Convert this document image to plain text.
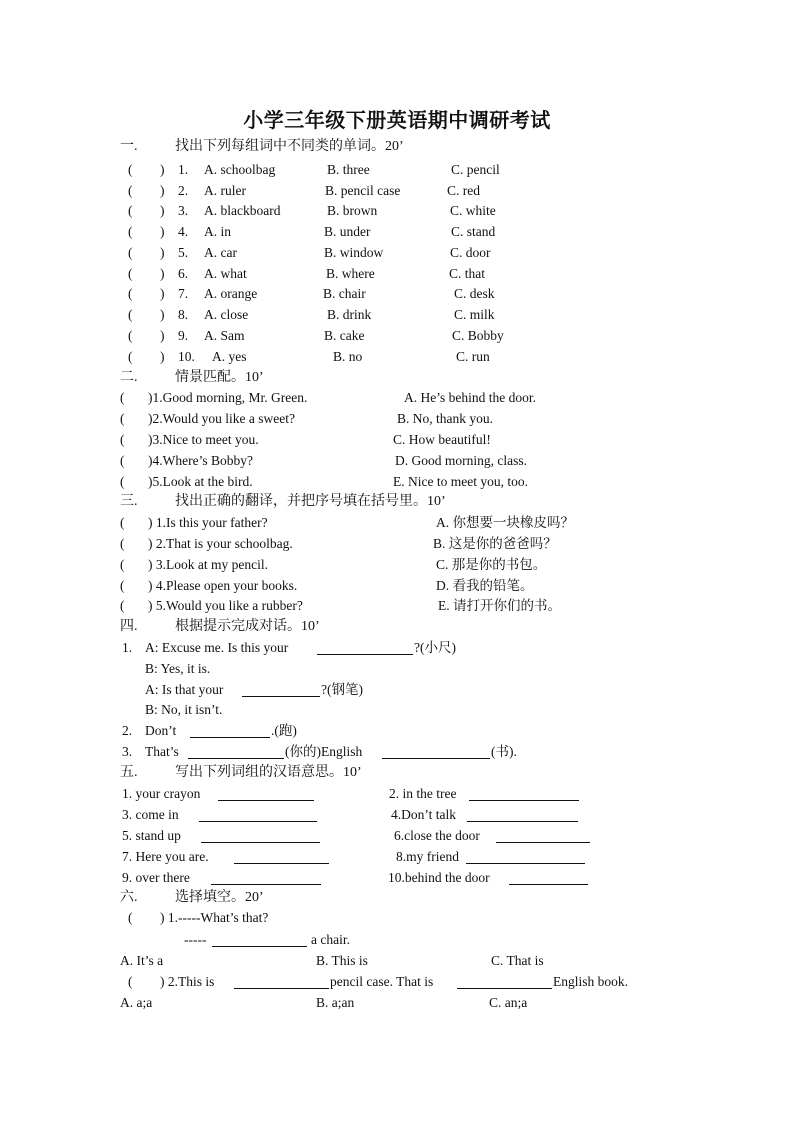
小学三年级下册英语期中调研考试
一.	找出下列每组词中不同类的单词。20’
( ) 1. A. schoolbag	B. three	C. pencil
( ) 2. A. ruler	B. pencil case	C. red
( ) 3. A. blackboard	B. brown	C. white
( ) 4. A. in	B. under	C. stand
( ) 5. A. car	B. window	C. door
( ) 6. A. what	B. where	C. that
( ) 7. A. orange	B. chair	C. desk
( ) 8. A. close	B. drink	C. milk
( ) 9. A. Sam	B. cake	C. Bobby
( ) 10. A. yes	B. no	C. run
二.	情景匹配。10’
( )1.Good morning, Mr. Green.	A. He’s behind the door.
( )2.Would you like a sweet?	B. No, thank you.
( )3.Nice to meet you.	C. How beautiful!
( )4.Where’s Bobby?	D. Good morning, class.
( )5.Look at the bird.	E. Nice to meet you, too.
三.	找出正确的翻译，并把序号填在括号里。10’
( ) 1.Is this your father?	A. 你想要一块橡皮吗？
( ) 2.That is your schoolbag.	B. 这是你的爸爸吗？
( ) 3.Look at my pencil.	C. 那是你的书包。
( ) 4.Please open your books.	D. 看我的铅笔。
( ) 5.Would you like a rubber?	E. 请打开你们的书。
四.	根据提示完成对话。10’
1. A: Excuse me. Is this your	?(小尺)
B: Yes, it is.
A: Is that your	?(钢笔)
B: No, it isn’t.
2. Don’t	.(跑)
3. That’s	(你的)English	(书).
五.	写出下列词组的汉语意思。10’
1. your crayon	2. in the tree
3. come in	4.Don’t talk
5. stand up	6.close the door
7. Here you are.	8.my friend
9. over there	10.behind the door
六.	选择填空。20’
( ) 1.-----What’s that?
-----	a chair.
A. It’s a	B. This is	C. That is
( ) 2.This is	pencil case. That is	English book.
A. a;a	B. a;an	C. an;a
